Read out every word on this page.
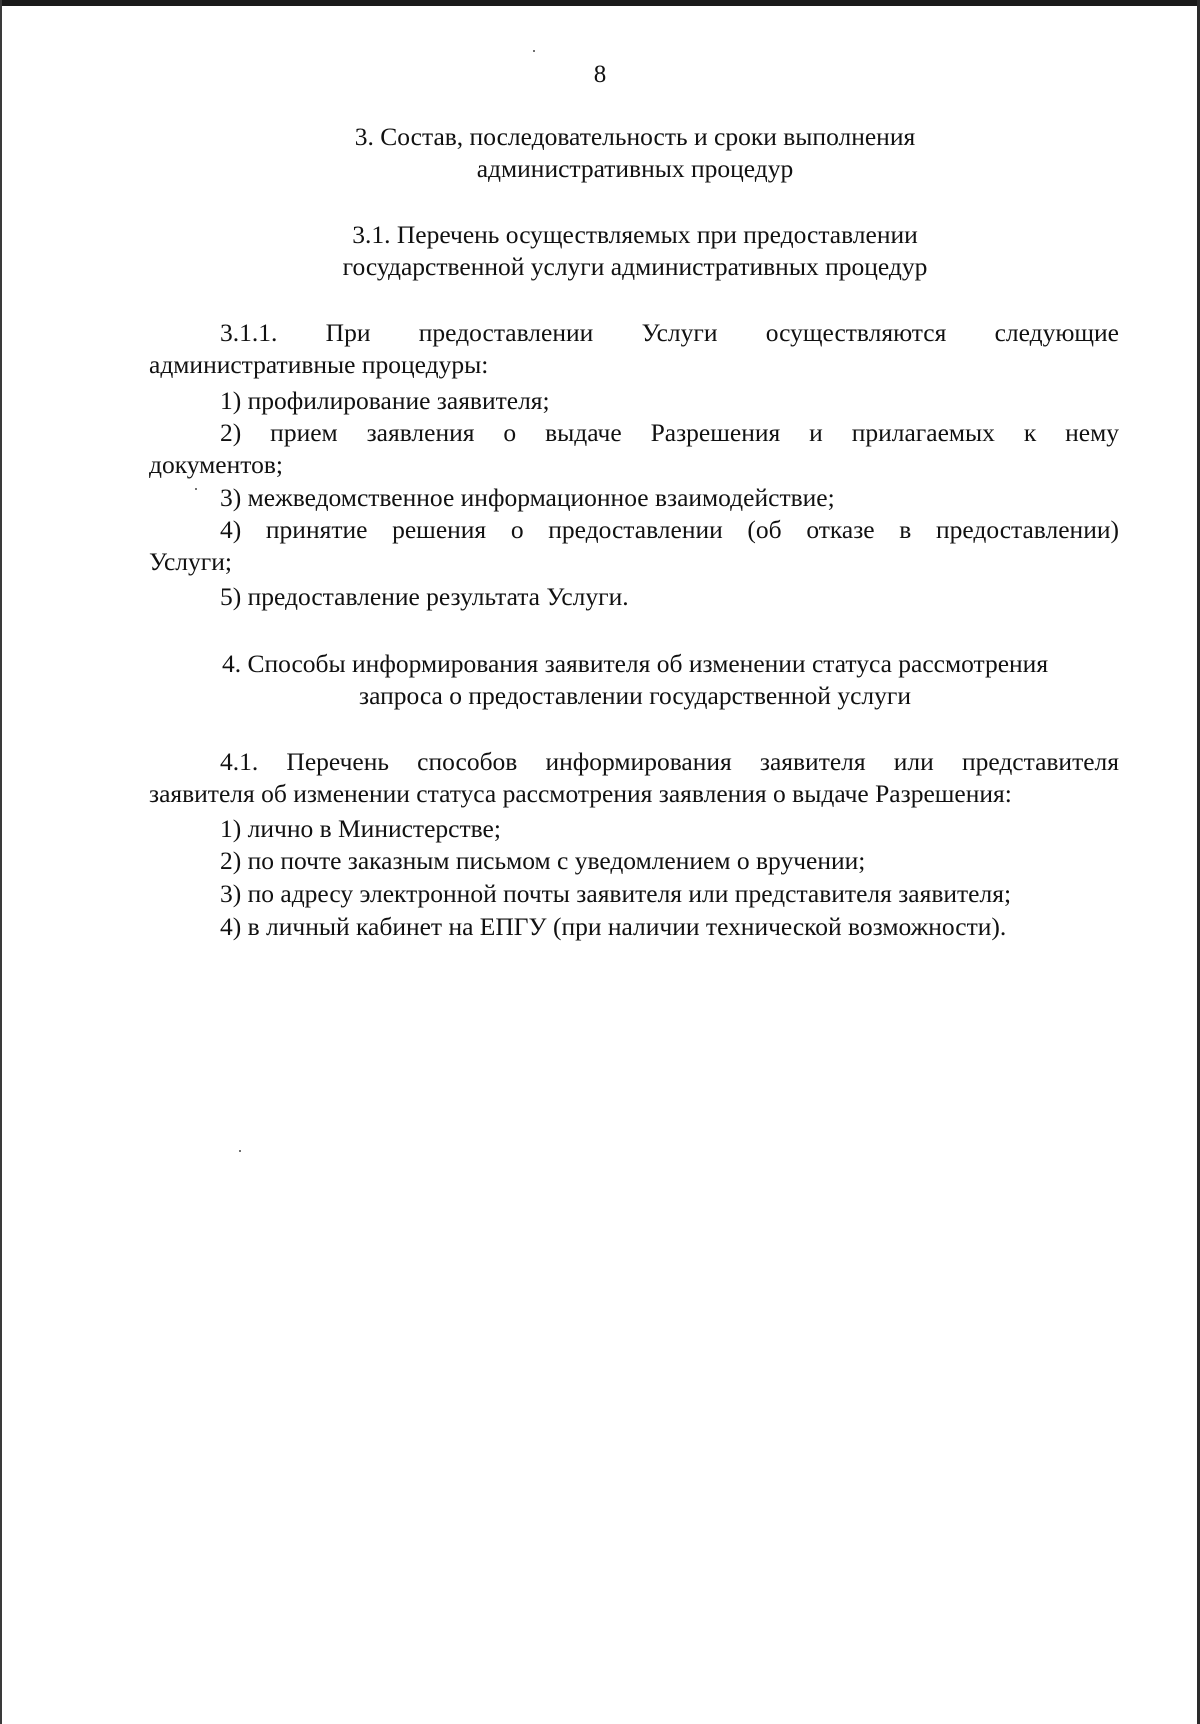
8
3. Состав, последовательность и сроки выполнения
административных процедур
3.1. Перечень осуществляемых при предоставлении
государственной услуги административных процедур
3.1.1. При предоставлении Услуги осуществляются следующие
административные процедуры:
1) профилирование заявителя;
2) прием заявления о выдаче Разрешения и прилагаемых к нему
документов;
3) межведомственное информационное взаимодействие;
4) принятие решения о предоставлении (об отказе в предоставлении)
Услуги;
5) предоставление результата Услуги.
4. Способы информирования заявителя об изменении статуса рассмотрения
запроса о предоставлении государственной услуги
4.1. Перечень способов информирования заявителя или представителя
заявителя об изменении статуса рассмотрения заявления о выдаче Разрешения:
1) лично в Министерстве;
2) по почте заказным письмом с уведомлением о вручении;
3) по адресу электронной почты заявителя или представителя заявителя;
4) в личный кабинет на ЕПГУ (при наличии технической возможности).
